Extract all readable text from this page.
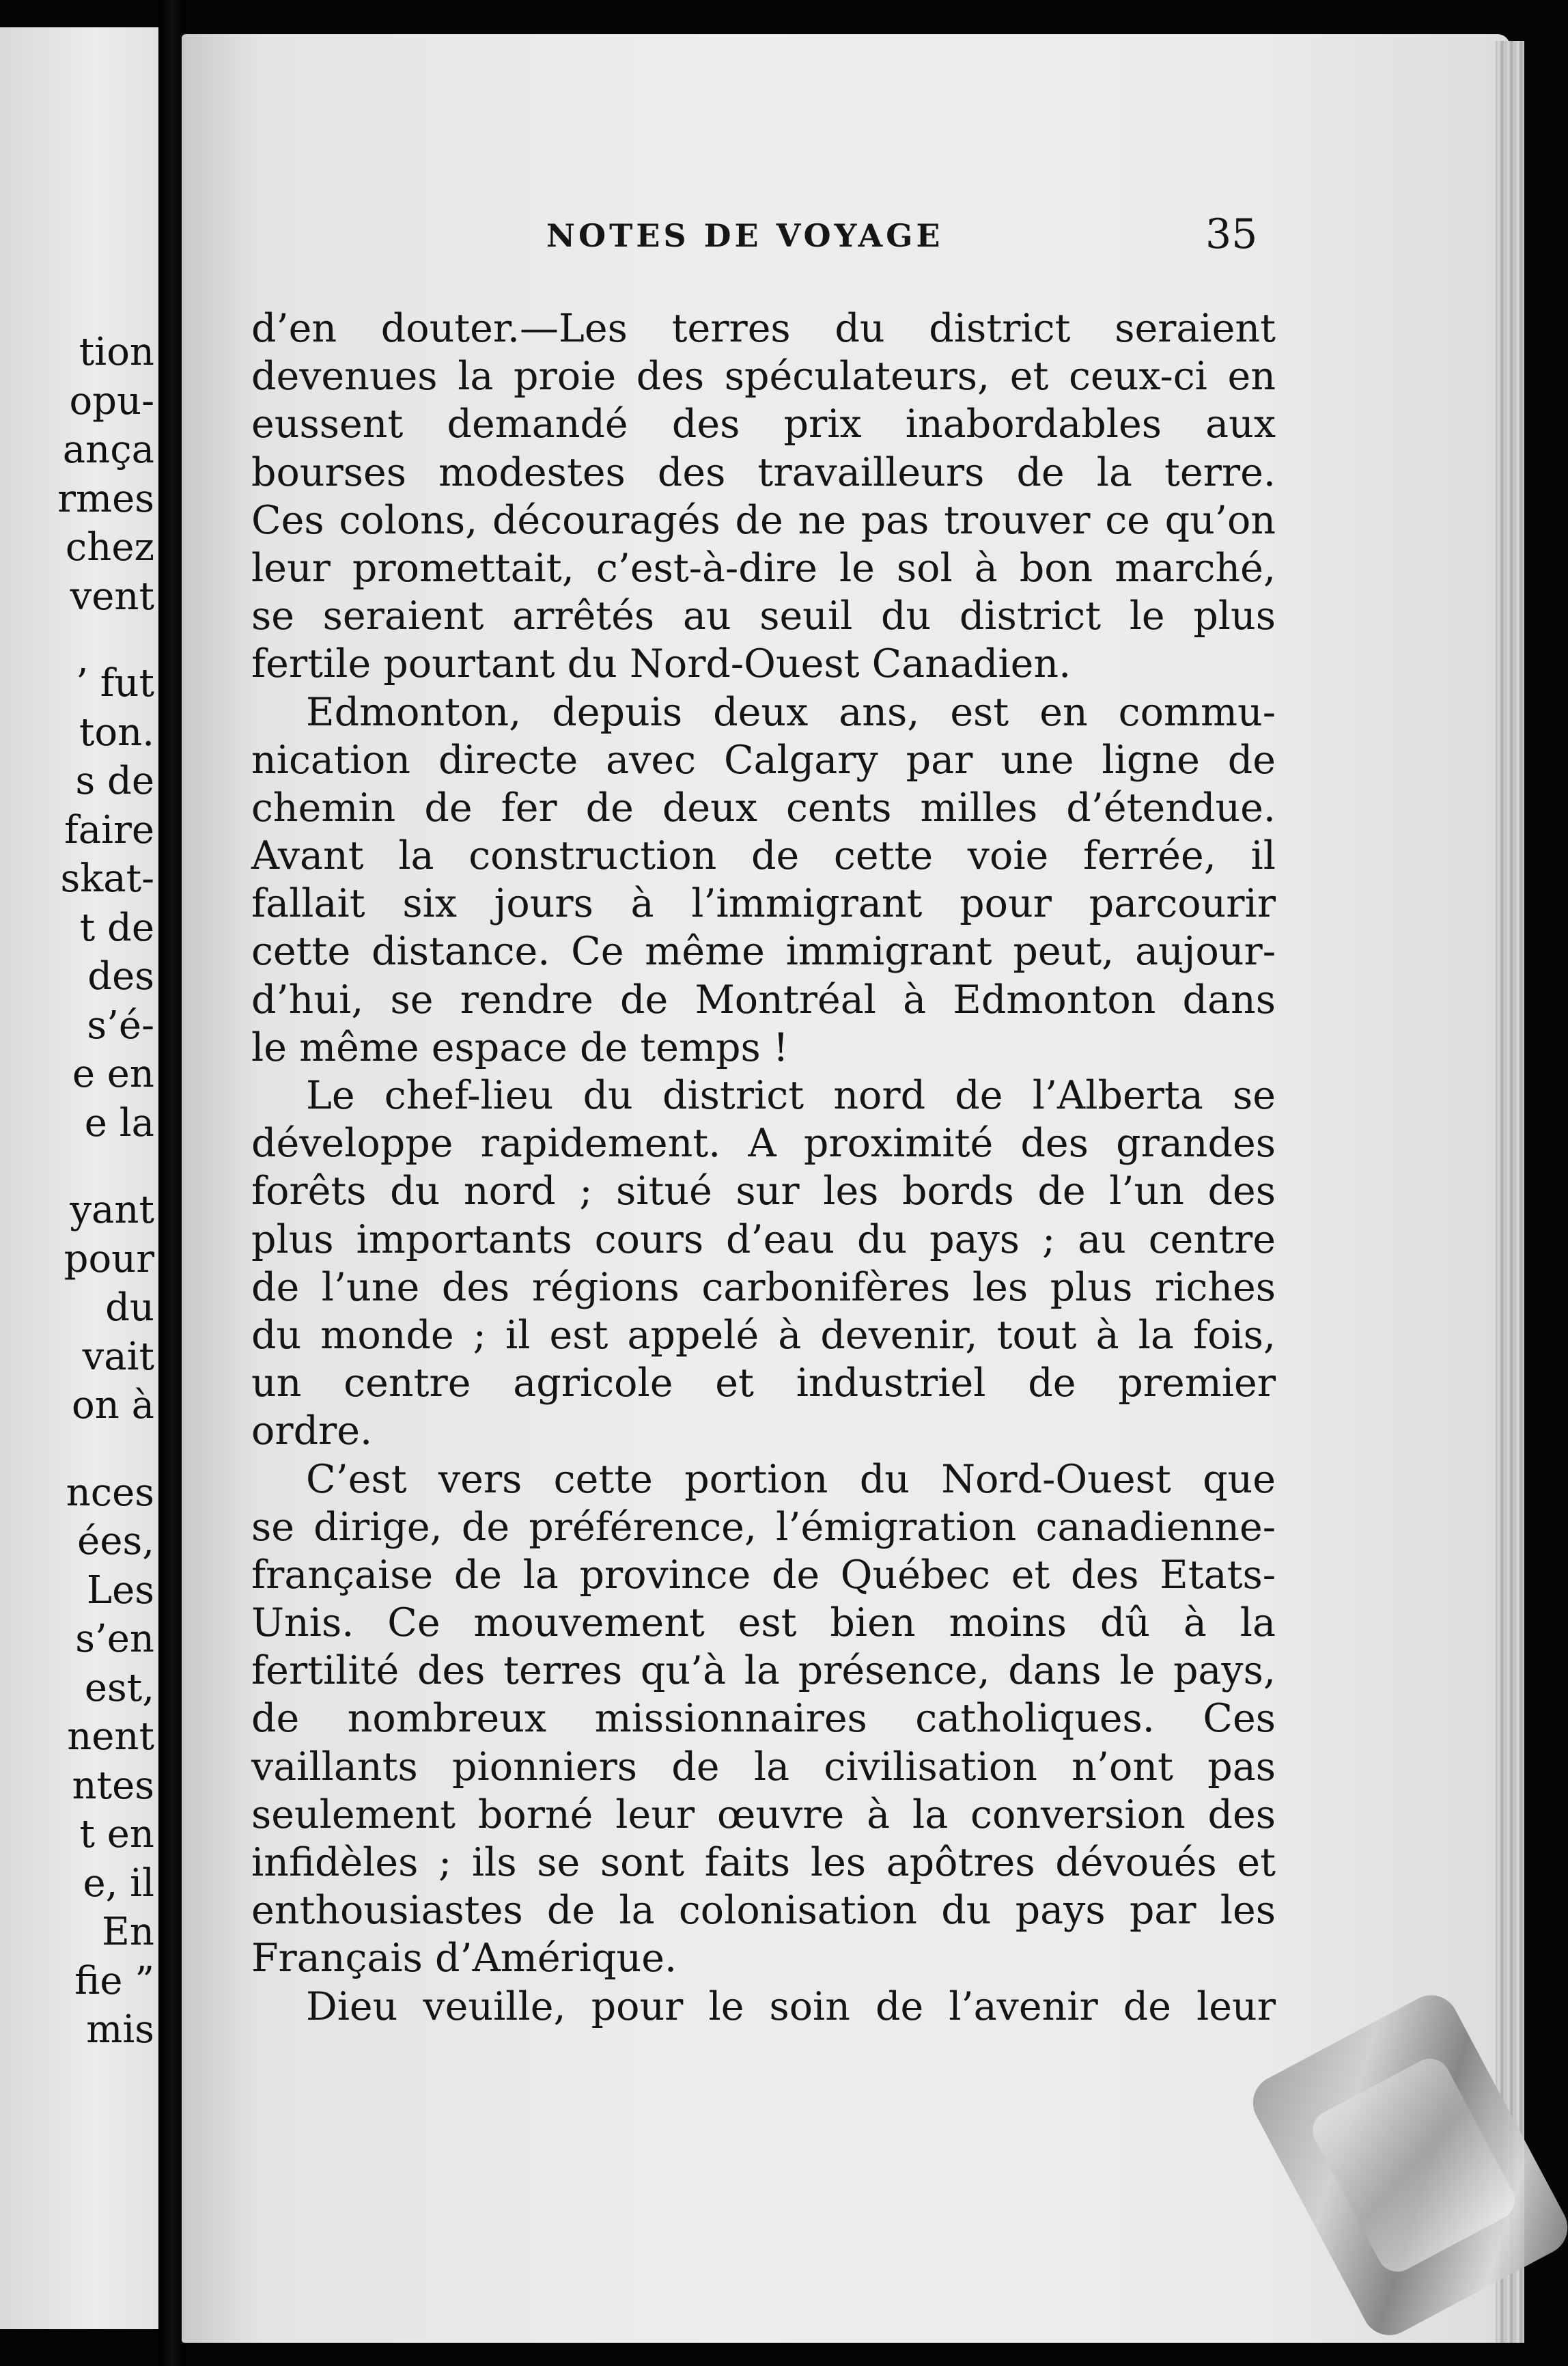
tion
opu-
ança
rmes
chez
vent
’ fut
ton.
s de
faire
skat-
t de
des
s’é-
e en
e la
yant
pour
du
vait
on à
nces
ées,
Les
s’en
est,
nent
ntes
t en
e, il
En
fie ”
mis
NOTES DE VOYAGE	35
d’en douter.—Les terres du district seraient
devenues la proie des spéculateurs, et ceux-ci en
eussent demandé des prix inabordables aux
bourses modestes des travailleurs de la terre.
Ces colons, découragés de ne pas trouver ce qu’on
leur promettait, c’est-à-dire le sol à bon marché,
se seraient arrêtés au seuil du district le plus
fertile pourtant du Nord-Ouest Canadien.
Edmonton, depuis deux ans, est en commu-
nication directe avec Calgary par une ligne de
chemin de fer de deux cents milles d’étendue.
Avant la construction de cette voie ferrée, il
fallait six jours à l’immigrant pour parcourir
cette distance. Ce même immigrant peut, aujour-
d’hui, se rendre de Montréal à Edmonton dans
le même espace de temps !
Le chef-lieu du district nord de l’Alberta se
développe rapidement. A proximité des grandes
forêts du nord ; situé sur les bords de l’un des
plus importants cours d’eau du pays ; au centre
de l’une des régions carbonifères les plus riches
du monde ; il est appelé à devenir, tout à la fois,
un centre agricole et industriel de premier
ordre.
C’est vers cette portion du Nord-Ouest que
se dirige, de préférence, l’émigration canadienne-
française de la province de Québec et des Etats-
Unis. Ce mouvement est bien moins dû à la
fertilité des terres qu’à la présence, dans le pays,
de nombreux missionnaires catholiques. Ces
vaillants pionniers de la civilisation n’ont pas
seulement borné leur œuvre à la conversion des
infidèles ; ils se sont faits les apôtres dévoués et
enthousiastes de la colonisation du pays par les
Français d’Amérique.
Dieu veuille, pour le soin de l’avenir de leur
